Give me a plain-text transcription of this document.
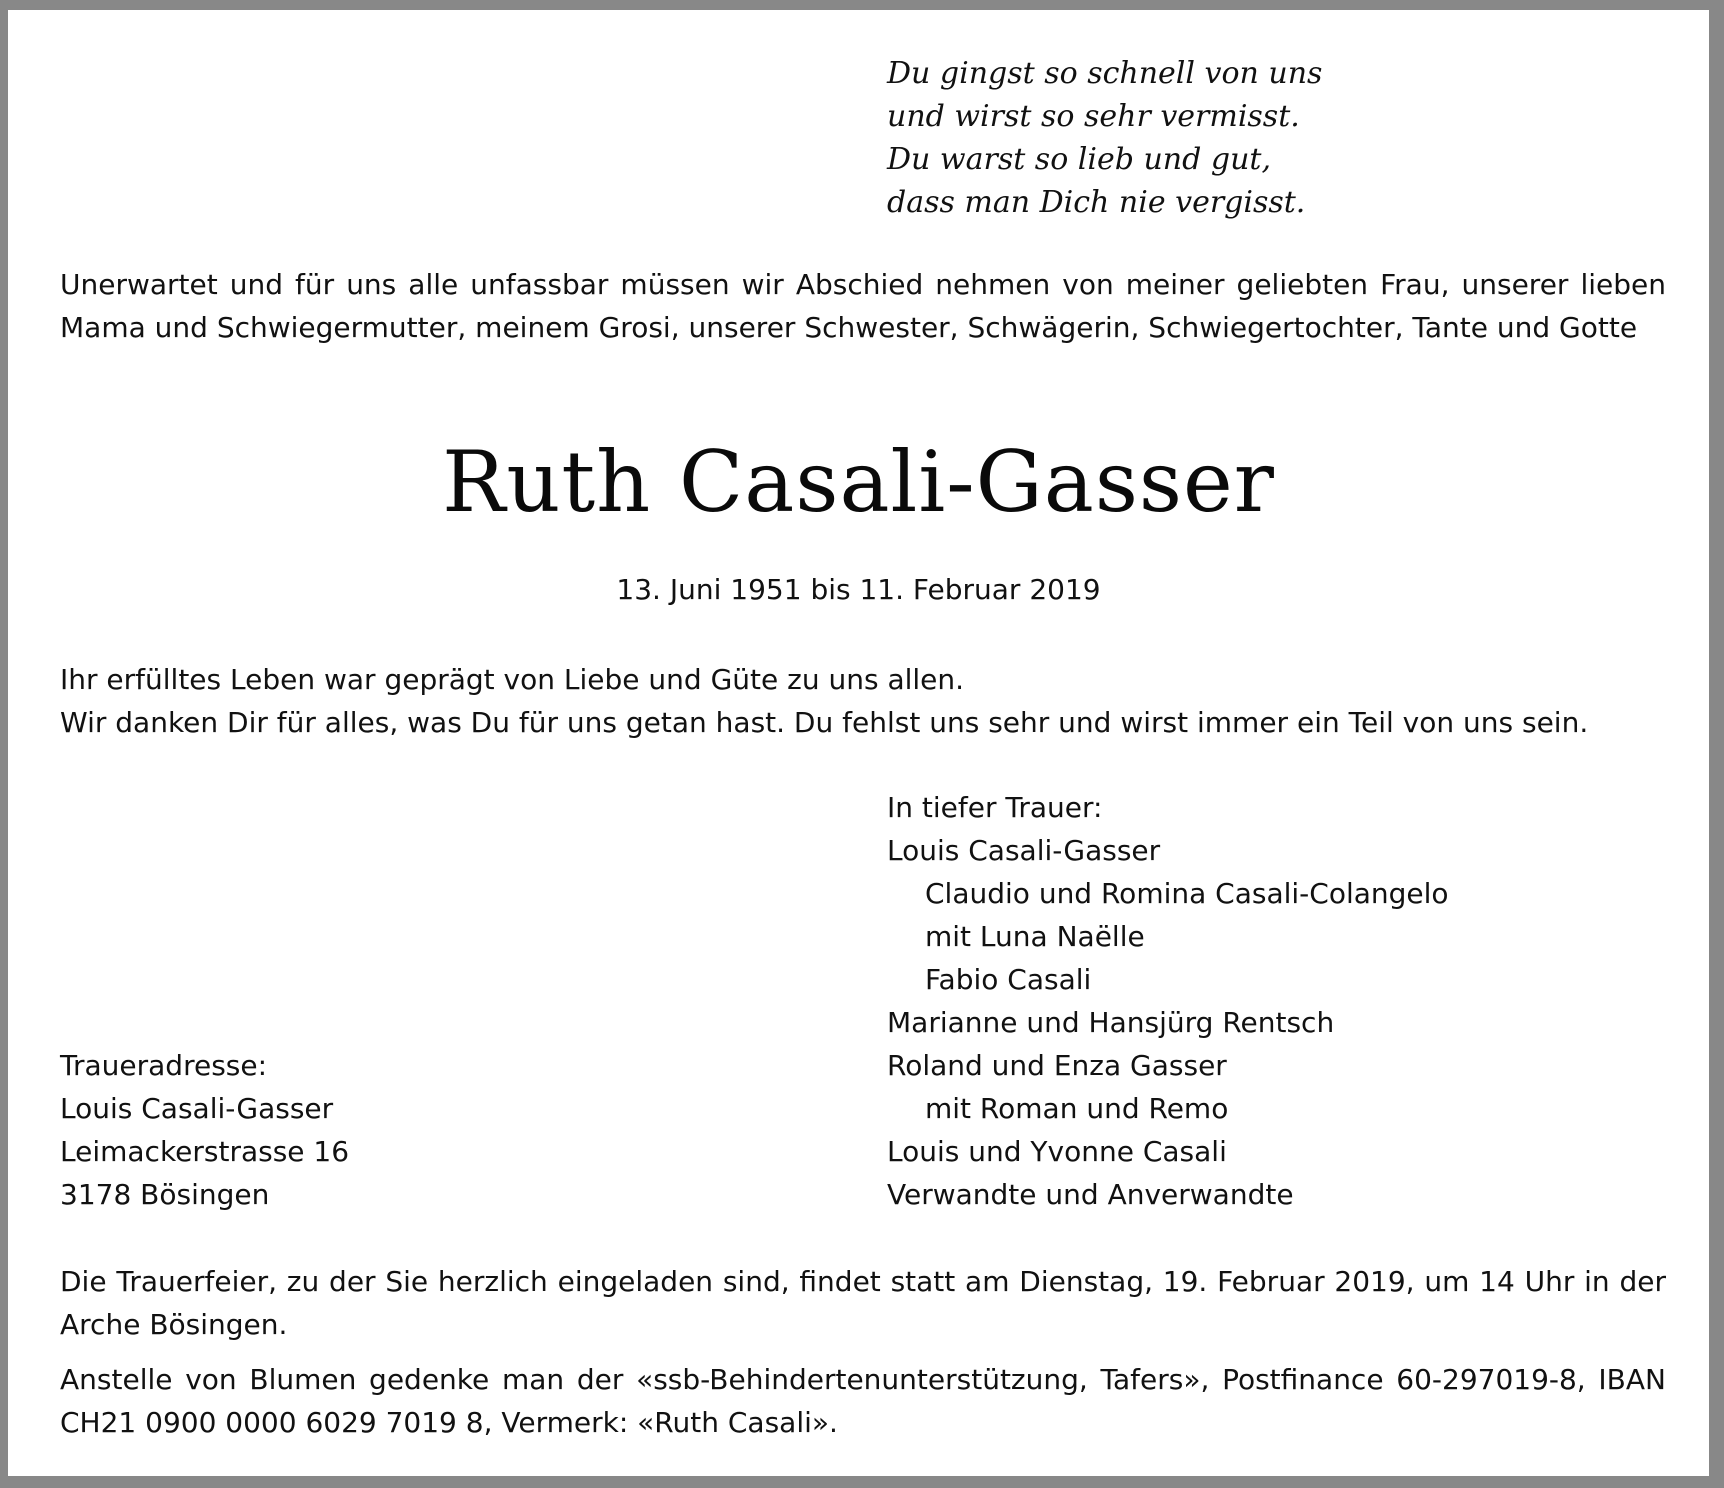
Du gingst so schnell von uns
und wirst so sehr vermisst.
Du warst so lieb und gut,
dass man Dich nie vergisst.
Unerwartet und für uns alle unfassbar müssen wir Abschied nehmen von meiner geliebten Frau, unserer lieben Mama und Schwiegermutter, meinem Grosi, unserer Schwester, Schwägerin, Schwiegertochter, Tante und Gotte
Ruth Casali-Gasser
13. Juni 1951 bis 11. Februar 2019
Ihr erfülltes Leben war geprägt von Liebe und Güte zu uns allen.
Wir danken Dir für alles, was Du für uns getan hast. Du fehlst uns sehr und wirst immer ein Teil von uns sein.
In tiefer Trauer:
Louis Casali-Gasser
Claudio und Romina Casali-Colangelo
mit Luna Naëlle
Fabio Casali
Marianne und Hansjürg Rentsch
Roland und Enza Gasser
mit Roman und Remo
Louis und Yvonne Casali
Verwandte und Anverwandte
Traueradresse:
Louis Casali-Gasser
Leimackerstrasse 16
3178 Bösingen
Die Trauerfeier, zu der Sie herzlich eingeladen sind, findet statt am Dienstag, 19. Februar 2019, um 14 Uhr in der Arche Bösingen.
Anstelle von Blumen gedenke man der «ssb-Behindertenunterstützung, Tafers», Postfinance 60-297019-8, IBAN CH21 0900 0000 6029 7019 8, Vermerk: «Ruth Casali».
